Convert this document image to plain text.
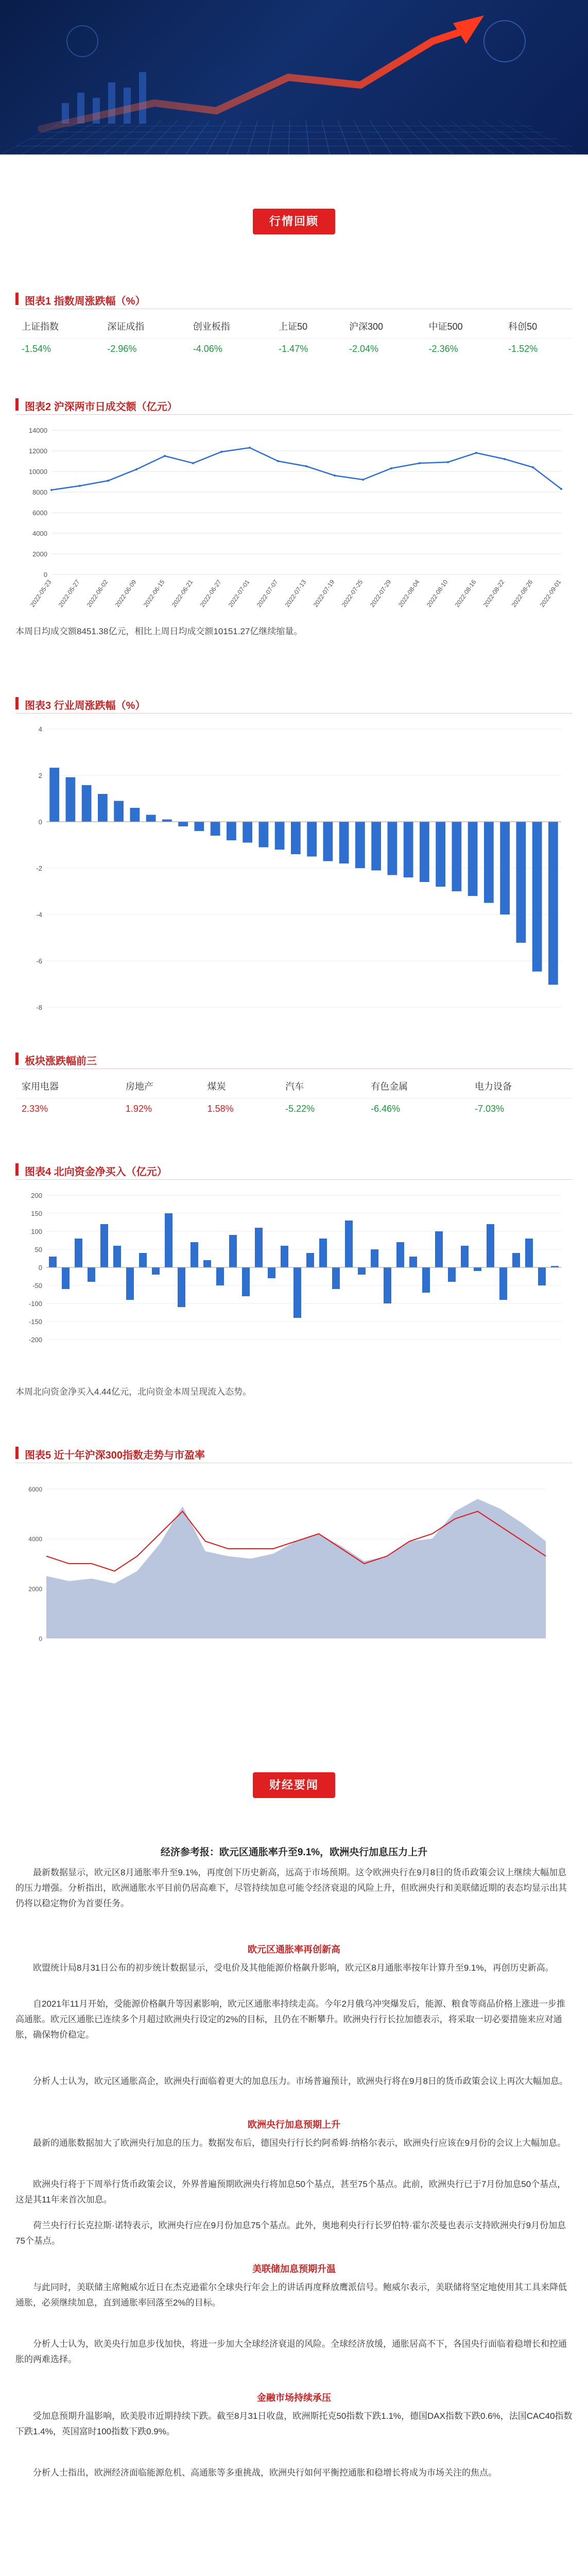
行情回顾
图表1 指数周涨跌幅（%）
上证指数	深证成指	创业板指	上证50	沪深300	中证500	科创50
-1.54%	-2.96%	-4.06%	-1.47%	-2.04%	-2.36%	-1.52%
图表2 沪深两市日成交额（亿元）
0
2000
4000
6000
8000
10000
12000
14000
2022-05-23 2022-05-27 2022-06-02 2022-06-09 2022-06-15 2022-06-21 2022-06-27 2022-07-01 2022-07-07 2022-07-13 2022-07-19 2022-07-25 2022-07-29 2022-08-04 2022-08-10 2022-08-16 2022-08-22 2022-08-26 2022-09-01
本周日均成交额8451.38亿元，相比上周日均成交额10151.27亿继续缩量。
图表3 行业周涨跌幅（%）
-8
-6
-4
-2
0
2
4
板块涨跌幅前三
家用电器	房地产	煤炭	汽车	有色金属	电力设备
2.33%	1.92%	1.58%	-5.22%	-6.46%	-7.03%
图表4 北向资金净买入（亿元）
-200
-150
-100
-50
0
50
100
150
200
本周北向资金净买入4.44亿元，北向资金本周呈现流入态势。
图表5 近十年沪深300指数走势与市盈率
0
2000
4000
6000
财经要闻
经济参考报：欧元区通胀率升至9.1%，欧洲央行加息压力上升
最新数据显示，欧元区8月通胀率升至9.1%，再度创下历史新高，远高于市场预期。这令欧洲央行在9月8日的货币政策会议上继续大幅加息的压力增强。分析指出，欧洲通胀水平目前仍居高难下，尽管持续加息可能令经济衰退的风险上升，但欧洲央行和美联储近期的表态均显示出其仍将以稳定物价为首要任务。
欧元区通胀率再创新高
欧盟统计局8月31日公布的初步统计数据显示，受电价及其他能源价格飙升影响，欧元区8月通胀率按年计算升至9.1%，再创历史新高。
自2021年11月开始，受能源价格飙升等因素影响，欧元区通胀率持续走高。今年2月俄乌冲突爆发后，能源、粮食等商品价格上涨进一步推高通胀。欧元区通胀已连续多个月超过欧洲央行设定的2%的目标，且仍在不断攀升。欧洲央行行长拉加德表示，将采取一切必要措施来应对通胀，确保物价稳定。
分析人士认为，欧元区通胀高企，欧洲央行面临着更大的加息压力。市场普遍预计，欧洲央行将在9月8日的货币政策会议上再次大幅加息。
欧洲央行加息预期上升
最新的通胀数据加大了欧洲央行加息的压力。数据发布后，德国央行行长约阿希姆·纳格尔表示，欧洲央行应该在9月份的会议上大幅加息。
欧洲央行将于下周举行货币政策会议，外界普遍预期欧洲央行将加息50个基点，甚至75个基点。此前，欧洲央行已于7月份加息50个基点，这是其11年来首次加息。
荷兰央行行长克拉斯·诺特表示，欧洲央行应在9月份加息75个基点。此外，奥地利央行行长罗伯特·霍尔茨曼也表示支持欧洲央行9月份加息75个基点。
美联储加息预期升温
与此同时，美联储主席鲍威尔近日在杰克逊霍尔全球央行年会上的讲话再度释放鹰派信号。鲍威尔表示，美联储将坚定地使用其工具来降低通胀，必须继续加息，直到通胀率回落至2%的目标。
分析人士认为，欧美央行加息步伐加快，将进一步加大全球经济衰退的风险。全球经济放缓，通胀居高不下，各国央行面临着稳增长和控通胀的两难选择。
金融市场持续承压
受加息预期升温影响，欧美股市近期持续下跌。截至8月31日收盘，欧洲斯托克50指数下跌1.1%，德国DAX指数下跌0.6%，法国CAC40指数下跌1.4%，英国富时100指数下跌0.9%。
分析人士指出，欧洲经济面临能源危机、高通胀等多重挑战，欧洲央行如何平衡控通胀和稳增长将成为市场关注的焦点。
